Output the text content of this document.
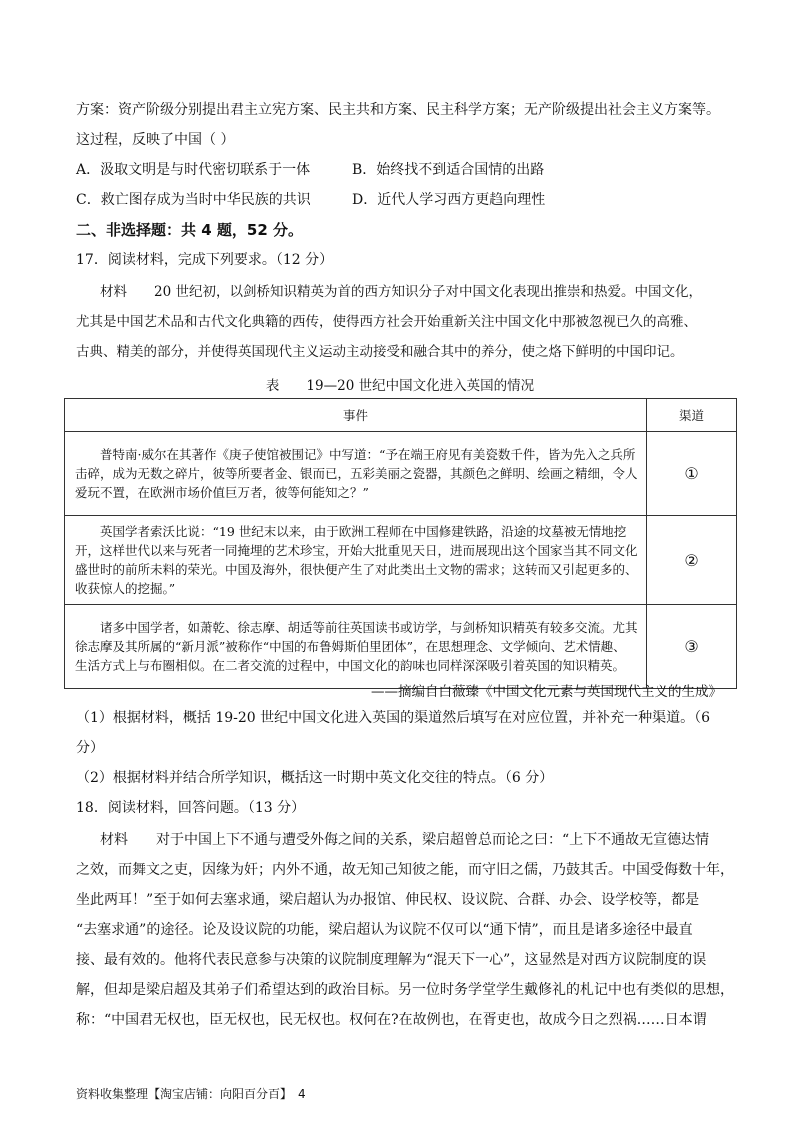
方案：资产阶级分别提出君主立宪方案、民主共和方案、民主科学方案；无产阶级提出社会主义方案等。
这过程，反映了中国（ ）
A．汲取文明是与时代密切联系于一体	B．始终找不到适合国情的出路
C．救亡图存成为当时中华民族的共识	D．近代人学习西方更趋向理性
二、非选择题：共 4 题，52 分。
17．阅读材料，完成下列要求。（12 分）
材料　　20 世纪初，以剑桥知识精英为首的西方知识分子对中国文化表现出推崇和热爱。中国文化，
尤其是中国艺术品和古代文化典籍的西传，使得西方社会开始重新关注中国文化中那被忽视已久的高雅、
古典、精美的部分，并使得英国现代主义运动主动接受和融合其中的养分，使之烙下鲜明的中国印记。
表　　19—20 世纪中国文化进入英国的情况
事件	渠道
普特南·威尔在其著作《庚子使馆被围记》中写道：“予在端王府见有美瓷数千件，皆为先入之兵所击碎，成为无数之碎片，彼等所要者金、银而已，五彩美丽之瓷器，其颜色之鲜明、绘画之精细，令人爱玩不置，在欧洲市场价值巨万者，彼等何能知之？”	①
英国学者索沃比说：“19 世纪末以来，由于欧洲工程师在中国修建铁路，沿途的坟墓被无情地挖开，这样世代以来与死者一同掩埋的艺术珍宝，开始大批重见天日，进而展现出这个国家当其不同文化盛世时的前所未料的荣光。中国及海外，很快便产生了对此类出土文物的需求；这转而又引起更多的、收获惊人的挖掘。”	②
诸多中国学者，如萧乾、徐志摩、胡适等前往英国读书或访学，与剑桥知识精英有较多交流。尤其徐志摩及其所属的“新月派”被称作“中国的布鲁姆斯伯里团体”，在思想理念、文学倾向、艺术情趣、生活方式上与布圈相似。在二者交流的过程中，中国文化的韵味也同样深深吸引着英国的知识精英。	③
——摘编自白薇臻《中国文化元素与英国现代主义的生成》
（1）根据材料，概括 19-20 世纪中国文化进入英国的渠道然后填写在对应位置，并补充一种渠道。（6
分）
（2）根据材料并结合所学知识，概括这一时期中英文化交往的特点。（6 分）
18．阅读材料，回答问题。（13 分）
材料　　对于中国上下不通与遭受外侮之间的关系，梁启超曾总而论之曰：“上下不通故无宣德达情
之效，而舞文之吏，因缘为奸；内外不通，故无知己知彼之能，而守旧之儒，乃鼓其舌。中国受侮数十年，
坐此两耳！”至于如何去塞求通，梁启超认为办报馆、伸民权、设议院、合群、办会、设学校等，都是
“去塞求通”的途径。论及设议院的功能，梁启超认为议院不仅可以“通下情”，而且是诸多途径中最直
接、最有效的。他将代表民意参与决策的议院制度理解为“混天下一心”，这显然是对西方议院制度的误
解，但却是梁启超及其弟子们希望达到的政治目标。另一位时务学堂学生戴修礼的札记中也有类似的思想，
称：“中国君无权也，臣无权也，民无权也。权何在?在故例也，在胥吏也，故成今日之烈祸……日本谓
资料收集整理【淘宝店铺：向阳百分百】　4
